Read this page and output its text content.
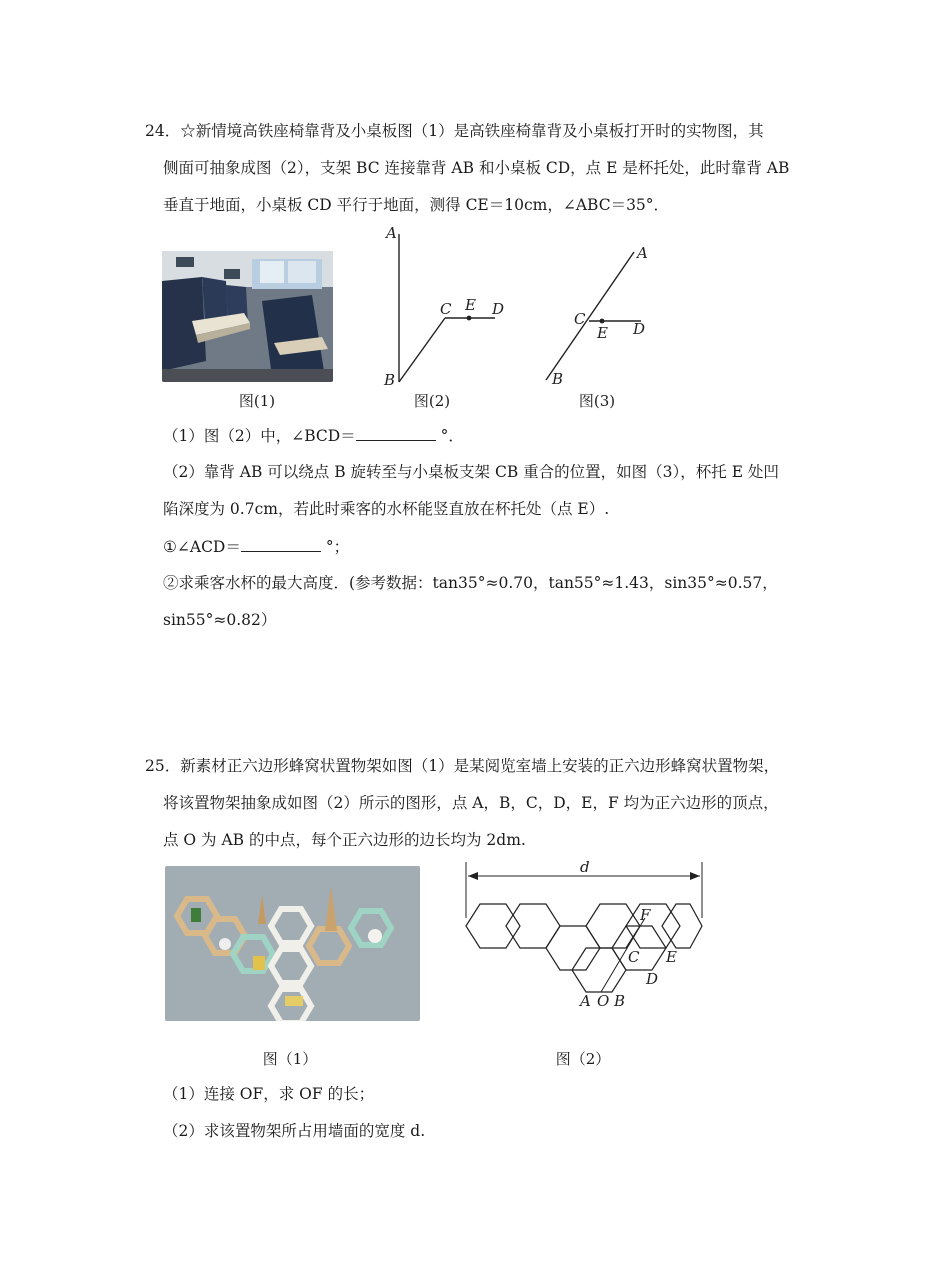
24．☆新情境高铁座椅靠背及小桌板图（1）是高铁座椅靠背及小桌板打开时的实物图，其
侧面可抽象成图（2），支架 BC 连接靠背 AB 和小桌板 CD，点 E 是杯托处，此时靠背 AB
垂直于地面，小桌板 CD 平行于地面，测得 CE＝10cm，∠ABC＝35°．
图(1)
A
B
C E D
图(2)
A
B
C
E D
图(3)
（1）图（2）中，∠BCD＝	°．
（2）靠背 AB 可以绕点 B 旋转至与小桌板支架 CB 重合的位置，如图（3），杯托 E 处凹
陷深度为 0.7cm，若此时乘客的水杯能竖直放在杯托处（点 E）.
①∠ACD＝	°；
②求乘客水杯的最大高度．(参考数据：tan35°≈0.70，tan55°≈1.43，sin35°≈0.57，
sin55°≈0.82）
25．新素材正六边形蜂窝状置物架如图（1）是某阅览室墙上安装的正六边形蜂窝状置物架，
将该置物架抽象成如图（2）所示的图形，点 A，B，C，D，E，F 均为正六边形的顶点，
点 O 为 AB 的中点，每个正六边形的边长均为 2dm.
图（1）
d
F
C E
D
A O B
图（2）
（1）连接 OF，求 OF 的长；
（2）求该置物架所占用墙面的宽度 d.
